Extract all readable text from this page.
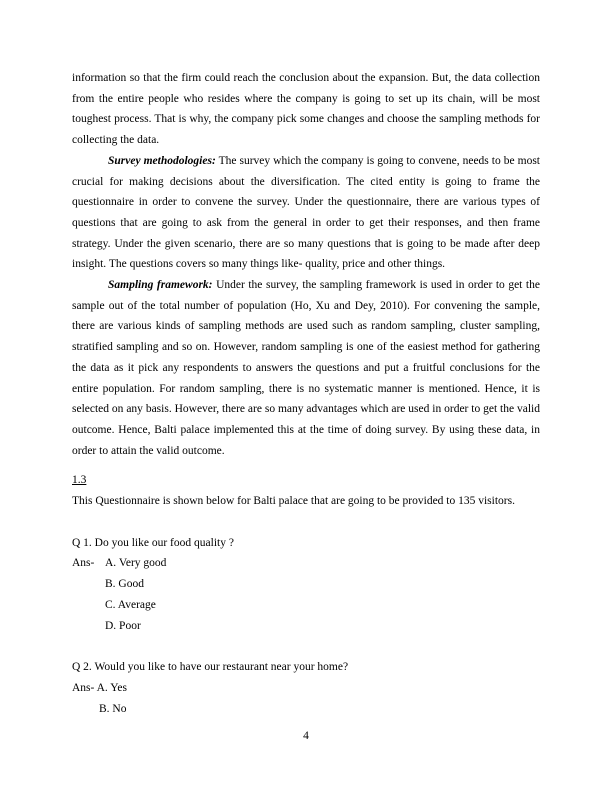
information so that the firm could reach the conclusion about the expansion. But, the data collection from the entire people who resides where the company is going to set up its chain, will be most toughest process. That is why, the company pick some changes and choose the sampling methods for collecting the data.

Survey methodologies: The survey which the company is going to convene, needs to be most crucial for making decisions about the diversification. The cited entity is going to frame the questionnaire in order to convene the survey. Under the questionnaire, there are various types of questions that are going to ask from the general in order to get their responses, and then frame strategy. Under the given scenario, there are so many questions that is going to be made after deep insight. The questions covers so many things like- quality, price and other things.

Sampling framework: Under the survey, the sampling framework is used in order to get the sample out of the total number of population (Ho, Xu and Dey, 2010). For convening the sample, there are various kinds of sampling methods are used such as random sampling, cluster sampling, stratified sampling and so on. However, random sampling is one of the easiest method for gathering the data as it pick any respondents to answers the questions and put a fruitful conclusions for the entire population. For random sampling, there is no systematic manner is mentioned. Hence, it is selected on any basis. However, there are so many advantages which are used in order to get the valid outcome. Hence, Balti palace implemented this at the time of doing survey. By using these data, in order to attain the valid outcome.

1.3

This Questionnaire is shown below for Balti palace that are going to be provided to 135 visitors.

Q 1. Do you like our food quality ?

Ans- A. Very good

B. Good

C. Average

D. Poor

Q 2. Would you like to have our restaurant near your home?

Ans- A. Yes

B. No

4
